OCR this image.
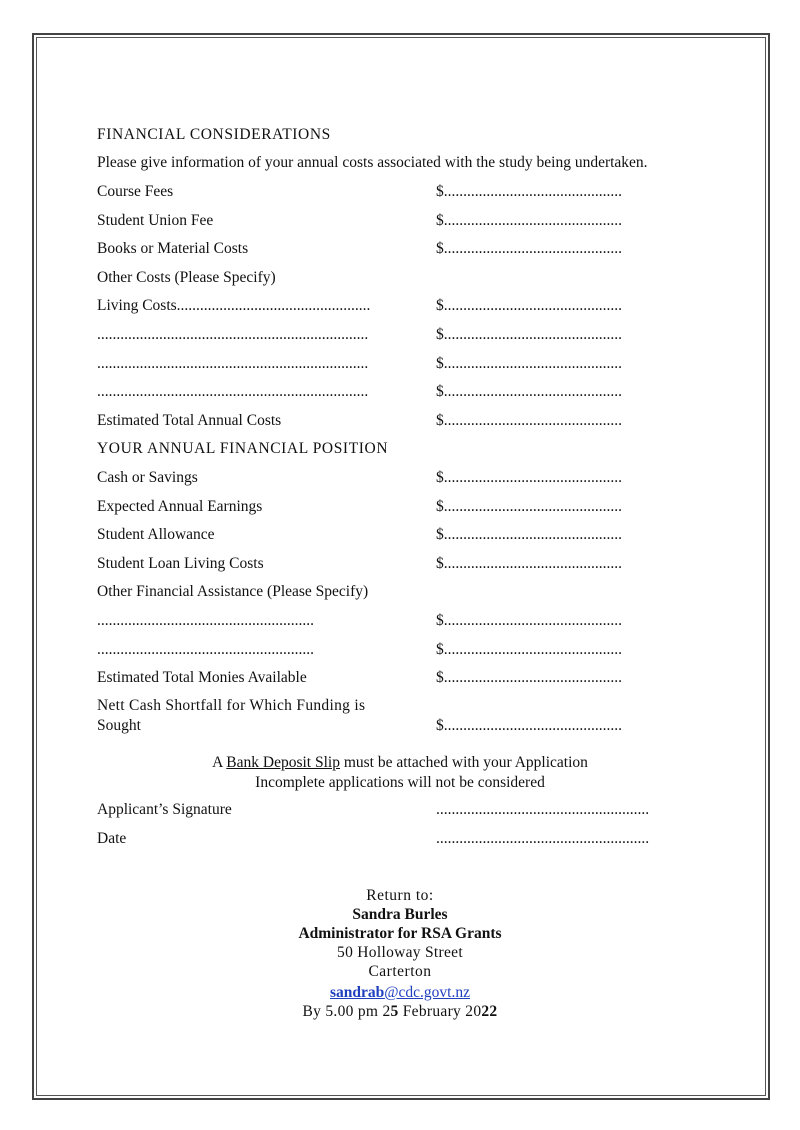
FINANCIAL CONSIDERATIONS
Please give information of your annual costs associated with the study being undertaken.
Course Fees	$..............................................
Student Union Fee	$..............................................
Books or Material Costs	$..............................................
Other Costs (Please Specify)
Living Costs..................................................	$..............................................
......................................................................	$..............................................
......................................................................	$..............................................
......................................................................	$..............................................
Estimated Total Annual Costs	$..............................................
YOUR ANNUAL FINANCIAL POSITION
Cash or Savings	$..............................................
Expected Annual Earnings	$..............................................
Student Allowance	$..............................................
Student Loan Living Costs	$..............................................
Other Financial Assistance (Please Specify)
........................................................	$..............................................
........................................................	$..............................................
Estimated Total Monies Available	$..............................................
Nett Cash Shortfall for Which Funding is
Sought	$..............................................
A Bank Deposit Slip must be attached with your Application
Incomplete applications will not be considered
Applicant’s Signature	.......................................................
Date	.......................................................
Return to:
Sandra Burles
Administrator for RSA Grants
50 Holloway Street
Carterton
sandrab@cdc.govt.nz
By 5.00 pm 25 February 2022
